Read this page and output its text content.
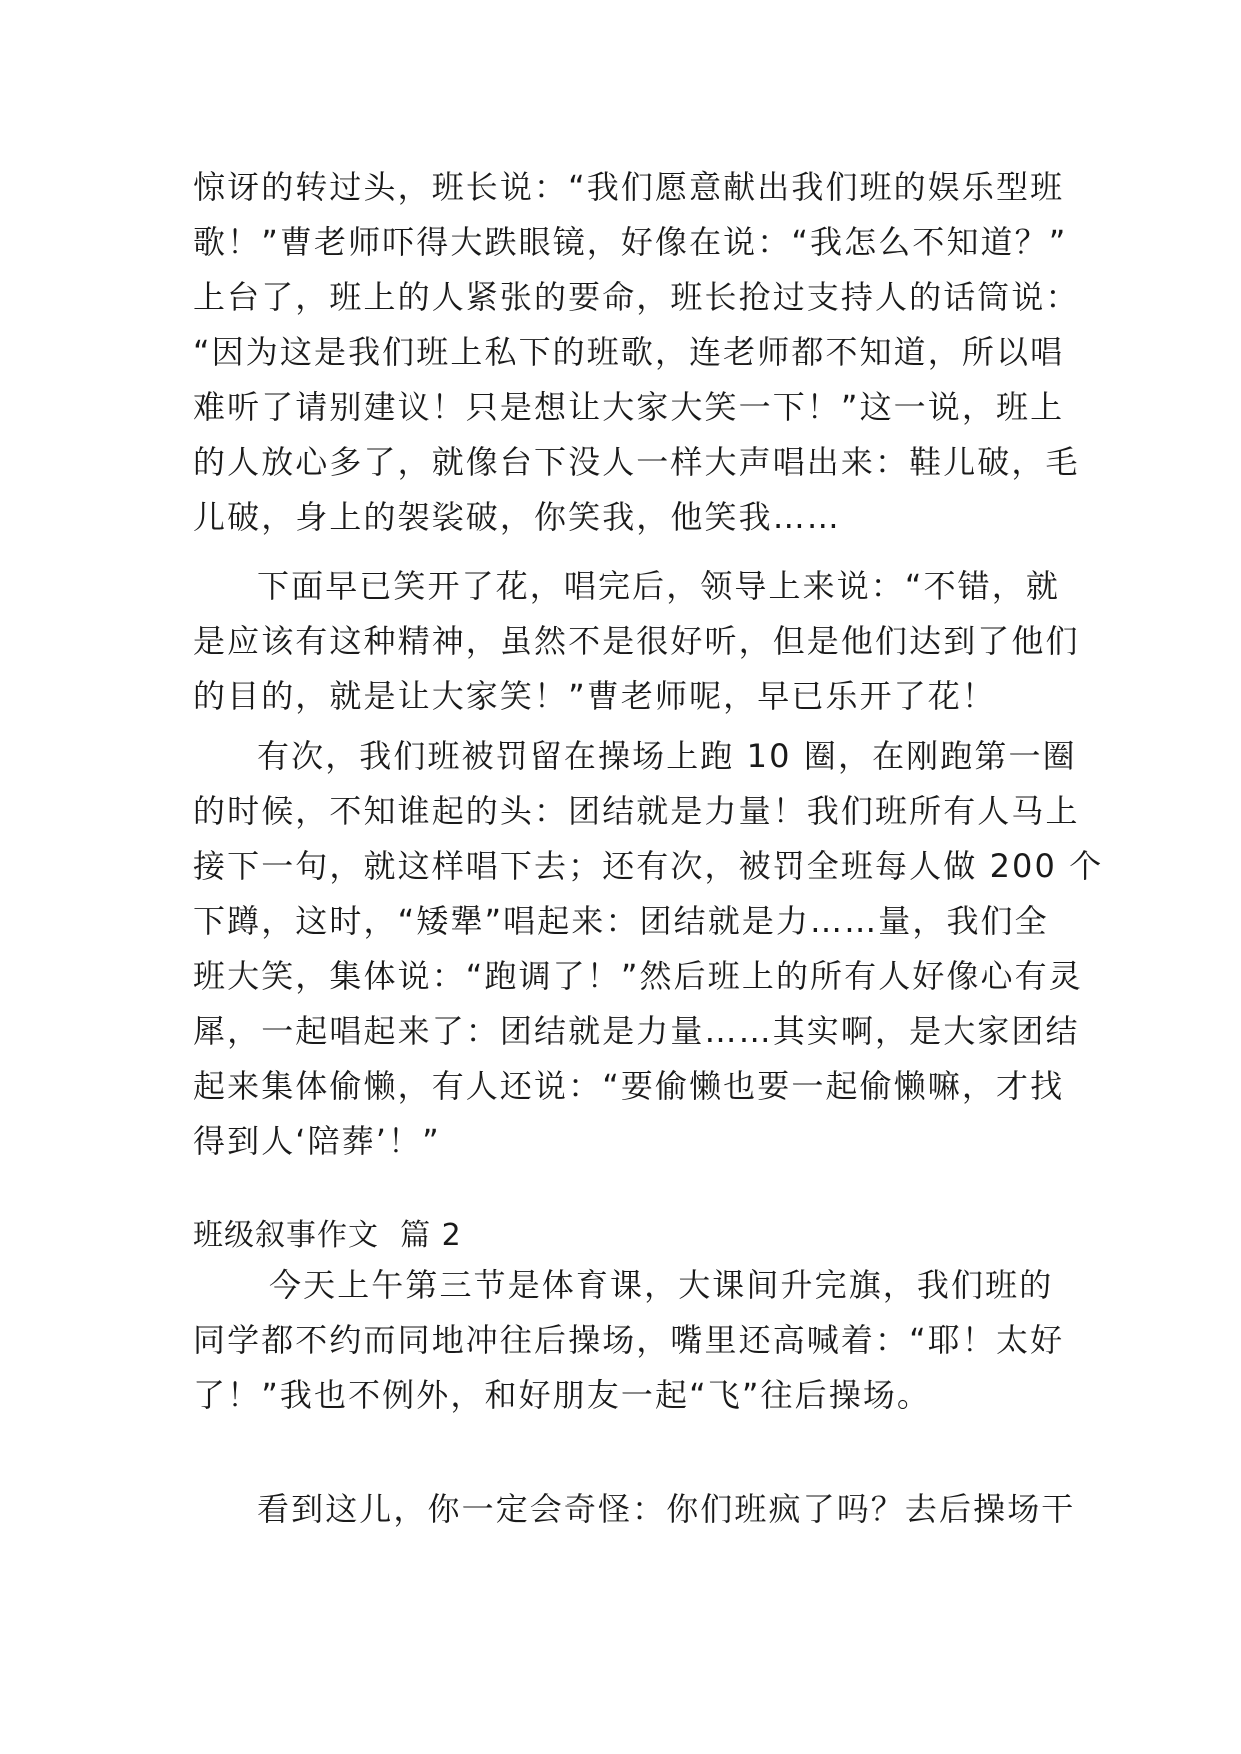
惊讶的转过头，班长说：“我们愿意献出我们班的娱乐型班
歌！”曹老师吓得大跌眼镜，好像在说：“我怎么不知道？”
上台了，班上的人紧张的要命，班长抢过支持人的话筒说：
“因为这是我们班上私下的班歌，连老师都不知道，所以唱
难听了请别建议！只是想让大家大笑一下！”这一说，班上
的人放心多了，就像台下没人一样大声唱出来：鞋儿破，毛
儿破，身上的袈裟破，你笑我，他笑我……
下面早已笑开了花，唱完后，领导上来说：“不错，就
是应该有这种精神，虽然不是很好听，但是他们达到了他们
的目的，就是让大家笑！”曹老师呢，早已乐开了花！
有次，我们班被罚留在操场上跑 10 圈，在刚跑第一圈
的时候，不知谁起的头：团结就是力量！我们班所有人马上
接下一句，就这样唱下去；还有次，被罚全班每人做 200 个
下蹲，这时，“矮犟”唱起来：团结就是力……量，我们全
班大笑，集体说：“跑调了！”然后班上的所有人好像心有灵
犀，一起唱起来了：团结就是力量……其实啊，是大家团结
起来集体偷懒，有人还说：“要偷懒也要一起偷懒嘛，才找
得到人‘陪葬’！”
班级叙事作文  篇 2
今天上午第三节是体育课，大课间升完旗，我们班的
同学都不约而同地冲往后操场，嘴里还高喊着：“耶！太好
了！”我也不例外，和好朋友一起“飞”往后操场。
看到这儿，你一定会奇怪：你们班疯了吗？去后操场干
